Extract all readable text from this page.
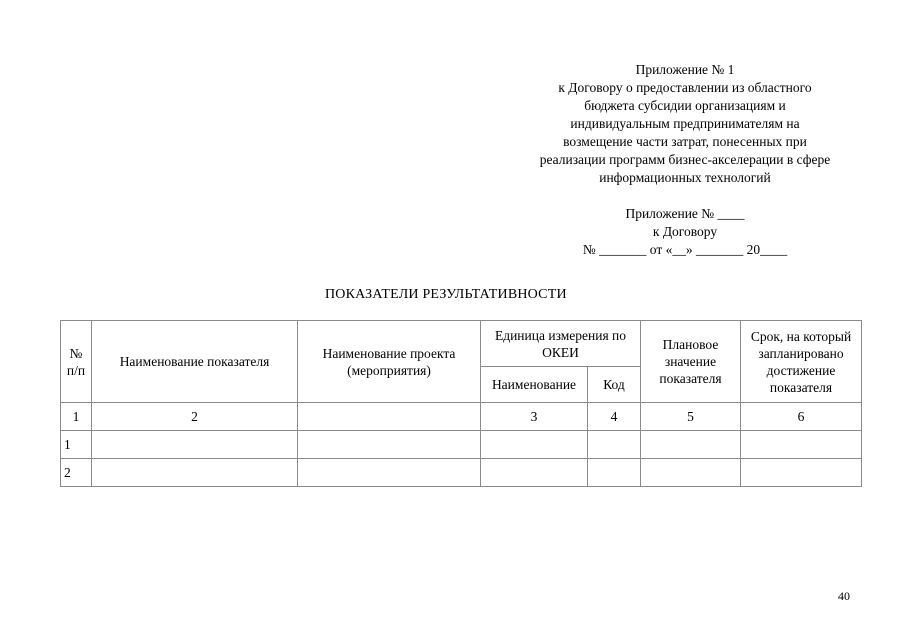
Приложение № 1
к Договору о предоставлении из областного
бюджета субсидии организациям и
индивидуальным предпринимателям на
возмещение части затрат, понесенных при
реализации программ бизнес-акселерации в сфере
информационных технологий
Приложение № ____
к Договору
№ _______ от «__» _______ 20____
ПОКАЗАТЕЛИ РЕЗУЛЬТАТИВНОСТИ
№ п/п	Наименование показателя	Наименование проекта (мероприятия)	Единица измерения по ОКЕИ		Плановое значение показателя	Срок, на который запланировано достижение показателя
			Наименование	Код		
1	2		3	4	5	6
1						
2						
40
